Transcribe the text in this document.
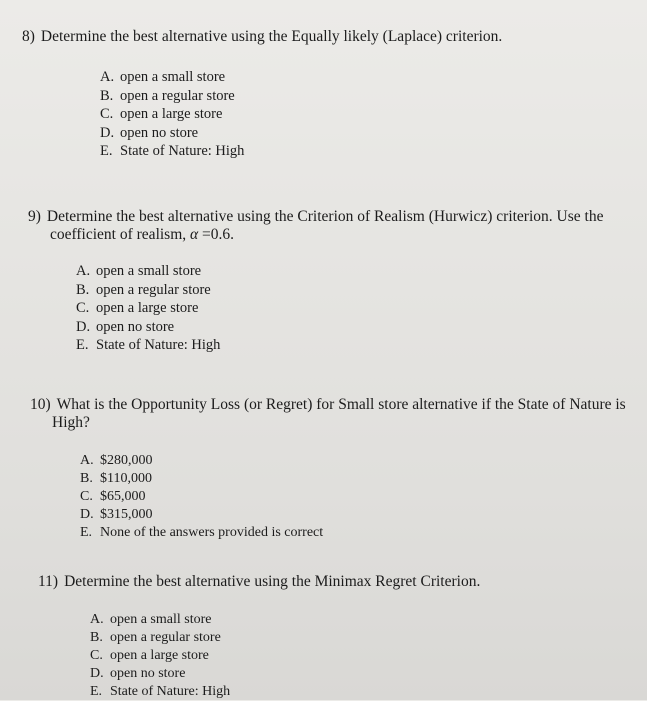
8) Determine the best alternative using the Equally likely (Laplace) criterion.

A. open a small store
B. open a regular store
C. open a large store
D. open no store
E. State of Nature: High

9) Determine the best alternative using the Criterion of Realism (Hurwicz) criterion. Use the
coefficient of realism, α =0.6.

A. open a small store
B. open a regular store
C. open a large store
D. open no store
E. State of Nature: High

10) What is the Opportunity Loss (or Regret) for Small store alternative if the State of Nature is
High?

A. $280,000
B. $110,000
C. $65,000
D. $315,000
E. None of the answers provided is correct

11) Determine the best alternative using the Minimax Regret Criterion.

A. open a small store
B. open a regular store
C. open a large store
D. open no store
E. State of Nature: High
